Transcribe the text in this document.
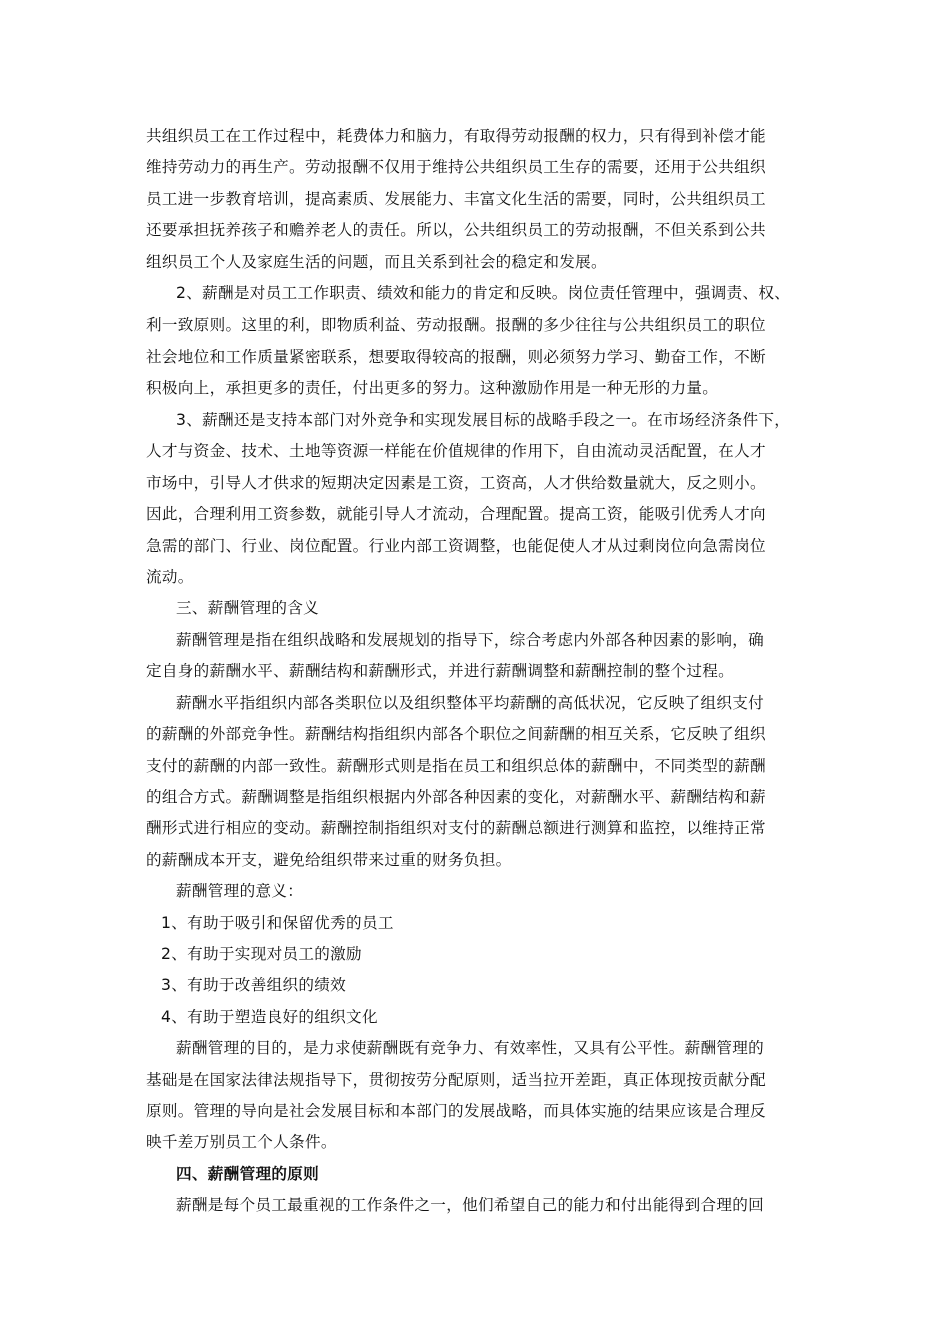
共组织员工在工作过程中，耗费体力和脑力，有取得劳动报酬的权力，只有得到补偿才能
维持劳动力的再生产。劳动报酬不仅用于维持公共组织员工生存的需要，还用于公共组织
员工进一步教育培训，提高素质、发展能力、丰富文化生活的需要，同时，公共组织员工
还要承担抚养孩子和赡养老人的责任。所以，公共组织员工的劳动报酬，不但关系到公共
组织员工个人及家庭生活的问题，而且关系到社会的稳定和发展。
2、薪酬是对员工工作职责、绩效和能力的肯定和反映。岗位责任管理中，强调责、权、
利一致原则。这里的利，即物质利益、劳动报酬。报酬的多少往往与公共组织员工的职位
社会地位和工作质量紧密联系，想要取得较高的报酬，则必须努力学习、勤奋工作，不断
积极向上，承担更多的责任，付出更多的努力。这种激励作用是一种无形的力量。
3、薪酬还是支持本部门对外竞争和实现发展目标的战略手段之一。在市场经济条件下，
人才与资金、技术、土地等资源一样能在价值规律的作用下，自由流动灵活配置，在人才
市场中，引导人才供求的短期决定因素是工资，工资高，人才供给数量就大，反之则小。
因此，合理利用工资参数，就能引导人才流动，合理配置。提高工资，能吸引优秀人才向
急需的部门、行业、岗位配置。行业内部工资调整，也能促使人才从过剩岗位向急需岗位
流动。
三、薪酬管理的含义
薪酬管理是指在组织战略和发展规划的指导下，综合考虑内外部各种因素的影响，确
定自身的薪酬水平、薪酬结构和薪酬形式，并进行薪酬调整和薪酬控制的整个过程。
薪酬水平指组织内部各类职位以及组织整体平均薪酬的高低状况，它反映了组织支付
的薪酬的外部竞争性。薪酬结构指组织内部各个职位之间薪酬的相互关系，它反映了组织
支付的薪酬的内部一致性。薪酬形式则是指在员工和组织总体的薪酬中，不同类型的薪酬
的组合方式。薪酬调整是指组织根据内外部各种因素的变化，对薪酬水平、薪酬结构和薪
酬形式进行相应的变动。薪酬控制指组织对支付的薪酬总额进行测算和监控，以维持正常
的薪酬成本开支，避免给组织带来过重的财务负担。
薪酬管理的意义：
1、有助于吸引和保留优秀的员工
2、有助于实现对员工的激励
3、有助于改善组织的绩效
4、有助于塑造良好的组织文化
薪酬管理的目的，是力求使薪酬既有竞争力、有效率性，又具有公平性。薪酬管理的
基础是在国家法律法规指导下，贯彻按劳分配原则，适当拉开差距，真正体现按贡献分配
原则。管理的导向是社会发展目标和本部门的发展战略，而具体实施的结果应该是合理反
映千差万别员工个人条件。
四、薪酬管理的原则
薪酬是每个员工最重视的工作条件之一，他们希望自己的能力和付出能得到合理的回
